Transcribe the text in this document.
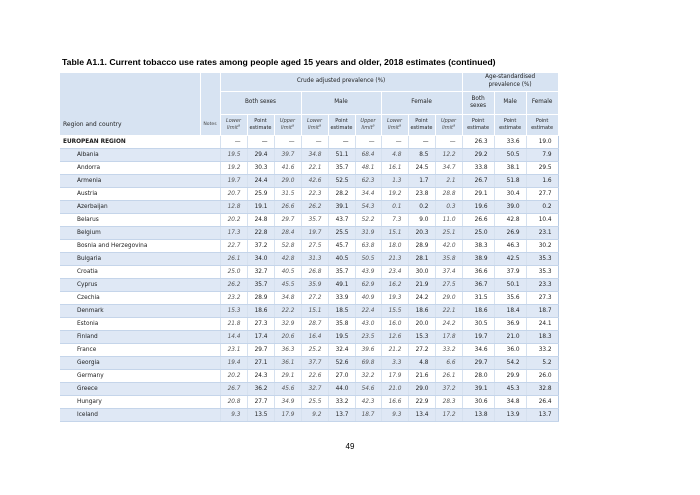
Table A1.1. Current tobacco use rates among people aged 15 years and older, 2018 estimates (continued)
Region and country	Notes	Crude adjusted prevalence (%)									Age-standardised prevalence (%)		
		Both sexes			Male			Female			Both sexes	Male	Female
		Lower limit$^a$	Point estimate	Upper limit$^a$	Lower limit$^a$	Point estimate	Upper limit$^a$	Lower limit$^a$	Point estimate	Upper limit$^a$	Point estimate	Point estimate	Point estimate
EUROPEAN REGION		—	—	—	—	—	—	—	—	—	26.3	33.6	19.0
Albania		19.5	29.4	39.7	34.8	51.1	68.4	4.8	8.5	12.2	29.2	50.5	7.9
Andorra		19.2	30.3	41.6	22.1	35.7	48.1	16.1	24.5	34.7	33.8	38.1	29.5
Armenia		19.7	24.4	29.0	42.6	52.5	62.3	1.3	1.7	2.1	26.7	51.8	1.6
Austria		20.7	25.9	31.5	22.3	28.2	34.4	19.2	23.8	28.8	29.1	30.4	27.7
Azerbaijan		12.8	19.1	26.6	26.2	39.1	54.3	0.1	0.2	0.3	19.6	39.0	0.2
Belarus		20.2	24.8	29.7	35.7	43.7	52.2	7.3	9.0	11.0	26.6	42.8	10.4
Belgium		17.3	22.8	28.4	19.7	25.5	31.9	15.1	20.3	25.1	25.0	26.9	23.1
Bosnia and Herzegovina		22.7	37.2	52.8	27.5	45.7	63.8	18.0	28.9	42.0	38.3	46.3	30.2
Bulgaria		26.1	34.0	42.8	31.3	40.5	50.5	21.3	28.1	35.8	38.9	42.5	35.3
Croatia		25.0	32.7	40.5	26.8	35.7	43.9	23.4	30.0	37.4	36.6	37.9	35.3
Cyprus		26.2	35.7	45.5	35.9	49.1	62.9	16.2	21.9	27.5	36.7	50.1	23.3
Czechia		23.2	28.9	34.8	27.2	33.9	40.9	19.3	24.2	29.0	31.5	35.6	27.3
Denmark		15.3	18.6	22.2	15.1	18.5	22.4	15.5	18.6	22.1	18.6	18.4	18.7
Estonia		21.8	27.3	32.9	28.7	35.8	43.0	16.0	20.0	24.2	30.5	36.9	24.1
Finland		14.4	17.4	20.6	16.4	19.5	23.5	12.6	15.3	17.8	19.7	21.0	18.3
France		23.1	29.7	36.3	25.2	32.4	39.6	21.2	27.2	33.2	34.6	36.0	33.2
Georgia		19.4	27.1	36.1	37.7	52.6	69.8	3.3	4.8	6.6	29.7	54.2	5.2
Germany		20.2	24.3	29.1	22.6	27.0	32.2	17.9	21.6	26.1	28.0	29.9	26.0
Greece		26.7	36.2	45.6	32.7	44.0	54.6	21.0	29.0	37.2	39.1	45.3	32.8
Hungary		20.8	27.7	34.9	25.5	33.2	42.3	16.6	22.9	28.3	30.6	34.8	26.4
Iceland		9.3	13.5	17.9	9.2	13.7	18.7	9.3	13.4	17.2	13.8	13.9	13.7
49
